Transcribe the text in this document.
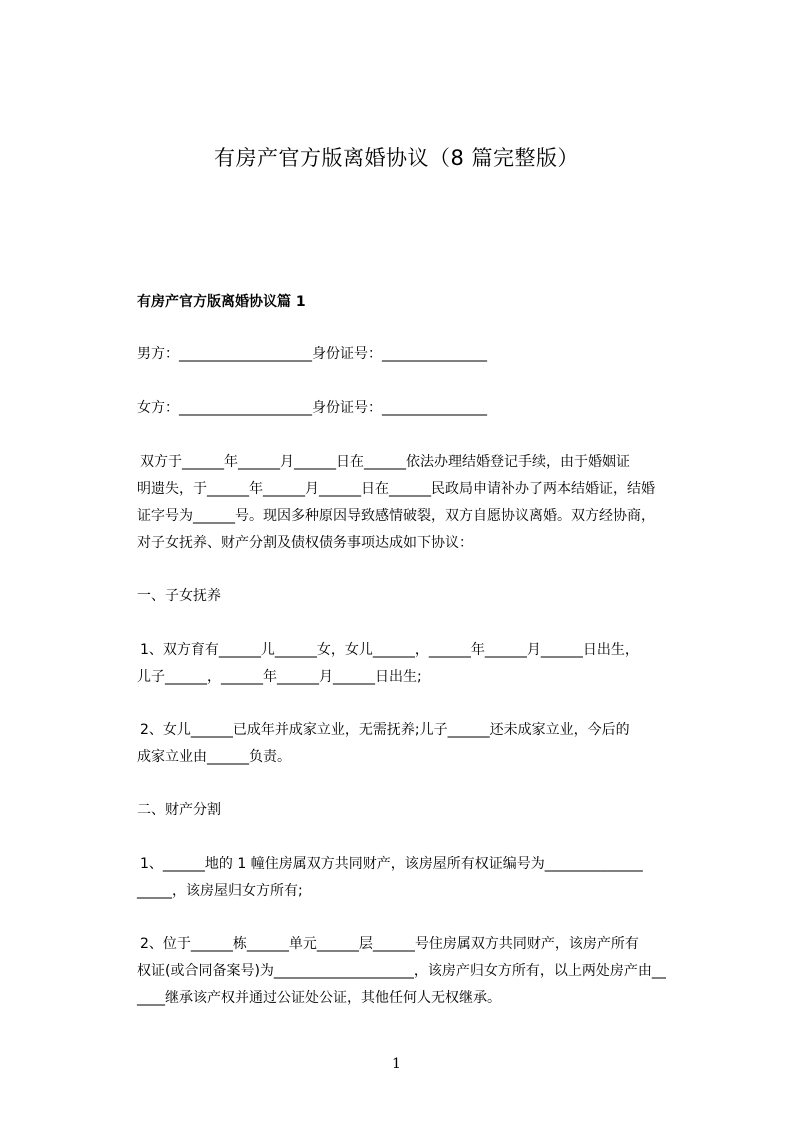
有房产官方版离婚协议（8 篇完整版）
有房产官方版离婚协议篇 1
男方：___________________身份证号：_______________
女方：___________________身份证号：_______________
双方于______年______月______日在______依法办理结婚登记手续，由于婚姻证
明遗失，于______年______月______日在______民政局申请补办了两本结婚证，结婚
证字号为______号。现因多种原因导致感情破裂，双方自愿协议离婚。双方经协商，
对子女抚养、财产分割及债权债务事项达成如下协议：
一、子女抚养
1、双方育有______儿______女，女儿______，______年______月______日出生，
儿子______，______年______月______日出生;
2、女儿______已成年并成家立业，无需抚养;儿子______还未成家立业，今后的
成家立业由______负责。
二、财产分割
1、______地的 1 幢住房属双方共同财产，该房屋所有权证编号为______________
_____，该房屋归女方所有;
2、位于______栋______单元______层______号住房属双方共同财产，该房产所有
权证(或合同备案号)为____________________，该房产归女方所有，以上两处房产由__
____继承该产权并通过公证处公证，其他任何人无权继承。
1
